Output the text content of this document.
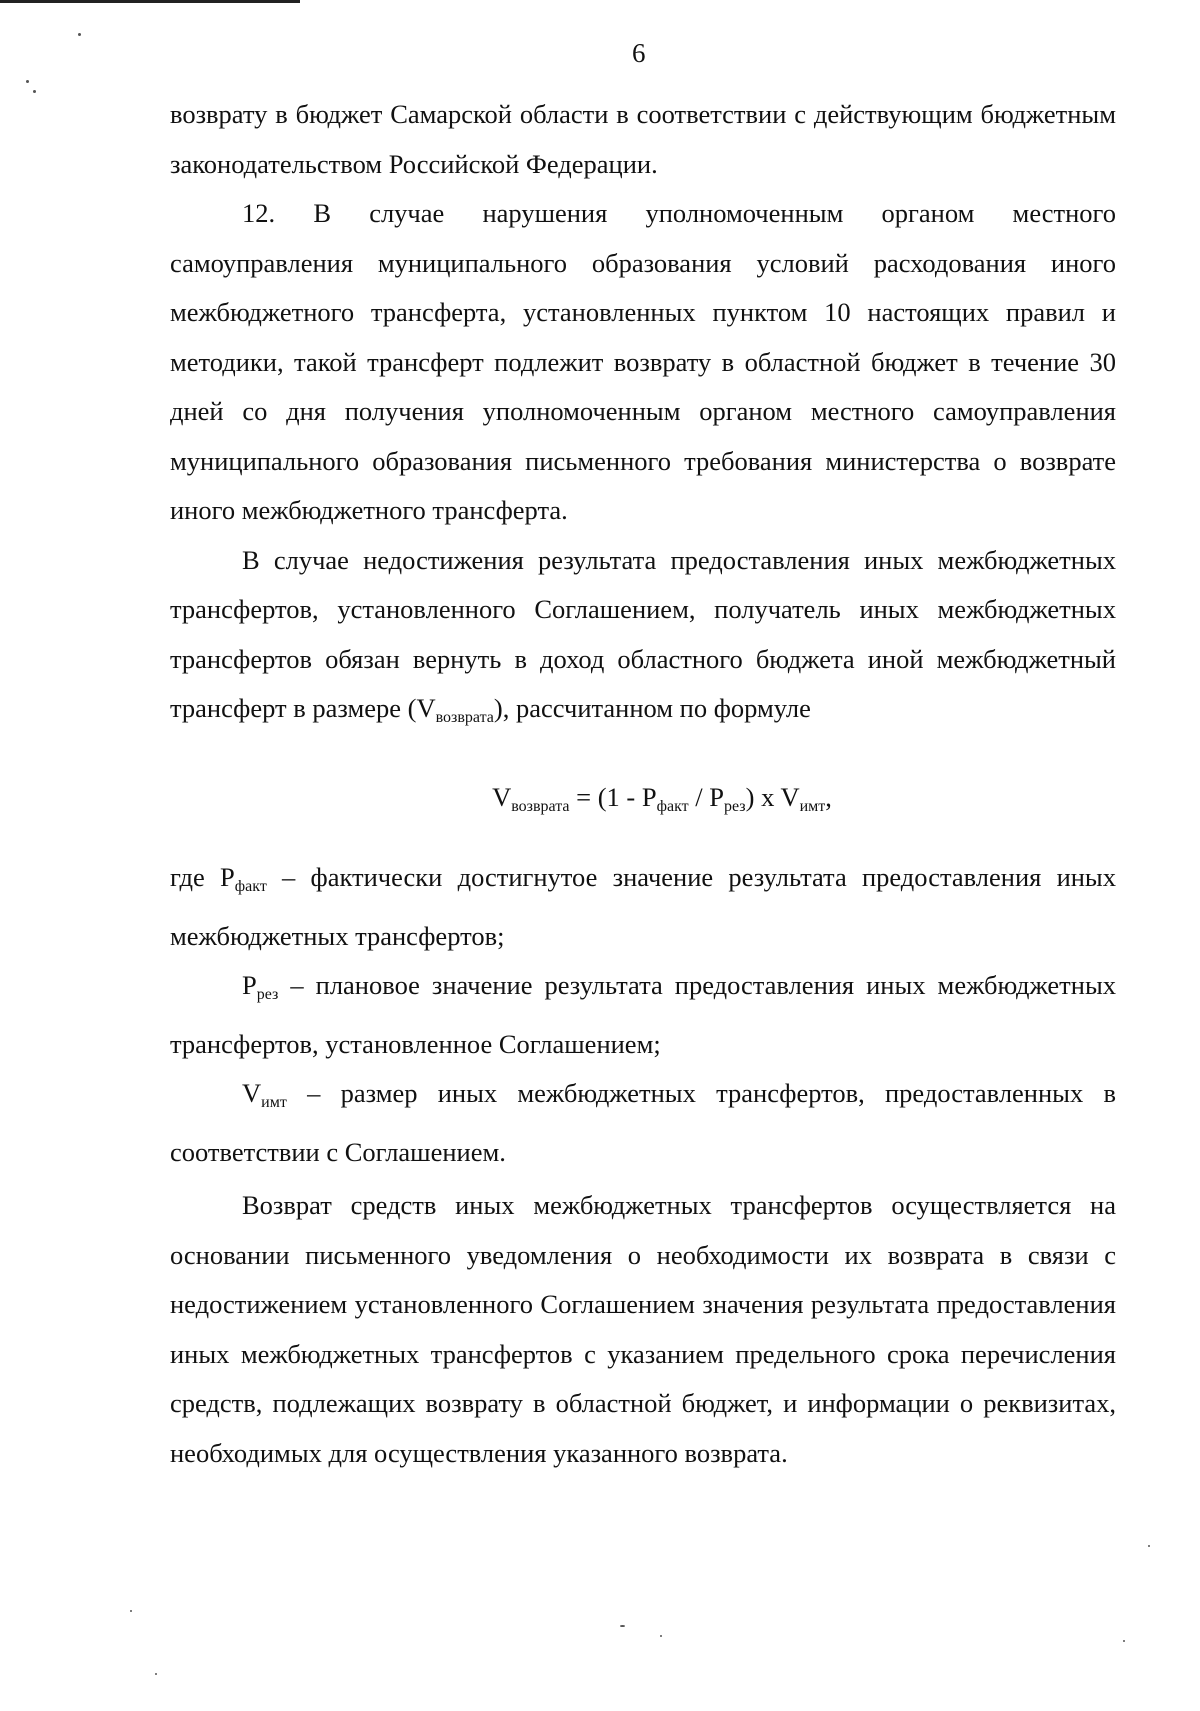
6

возврату в бюджет Самарской области в соответствии с действующим бюджетным законодательством Российской Федерации.

12. В случае нарушения уполномоченным органом местного самоуправления муниципального образования условий расходования иного межбюджетного трансферта, установленных пунктом 10 настоящих правил и методики, такой трансферт подлежит возврату в областной бюджет в течение 30 дней со дня получения уполномоченным органом местного самоуправления муниципального образования письменного требования министерства о возврате иного межбюджетного трансферта.

В случае недостижения результата предоставления иных межбюджетных трансфертов, установленного Соглашением, получатель иных межбюджетных трансфертов обязан вернуть в доход областного бюджета иной межбюджетный трансферт в размере $(V_{возврата})$, рассчитанном по формуле

$V_{возврата} = (1 - P_{факт} / P_{рез})$ x $V_{имт}$,

где $P_{факт}$ – фактически достигнутое значение результата предоставления иных межбюджетных трансфертов;

$P_{рез}$ – плановое значение результата предоставления иных межбюджетных трансфертов, установленное Соглашением;

$V_{имт}$ – размер иных межбюджетных трансфертов, предоставленных в соответствии с Соглашением.

Возврат средств иных межбюджетных трансфертов осуществляется на основании письменного уведомления о необходимости их возврата в связи с недостижением установленного Соглашением значения результата предоставления иных межбюджетных трансфертов с указанием предельного срока перечисления средств, подлежащих возврату в областной бюджет, и информации о реквизитах, необходимых для осуществления указанного возврата.
